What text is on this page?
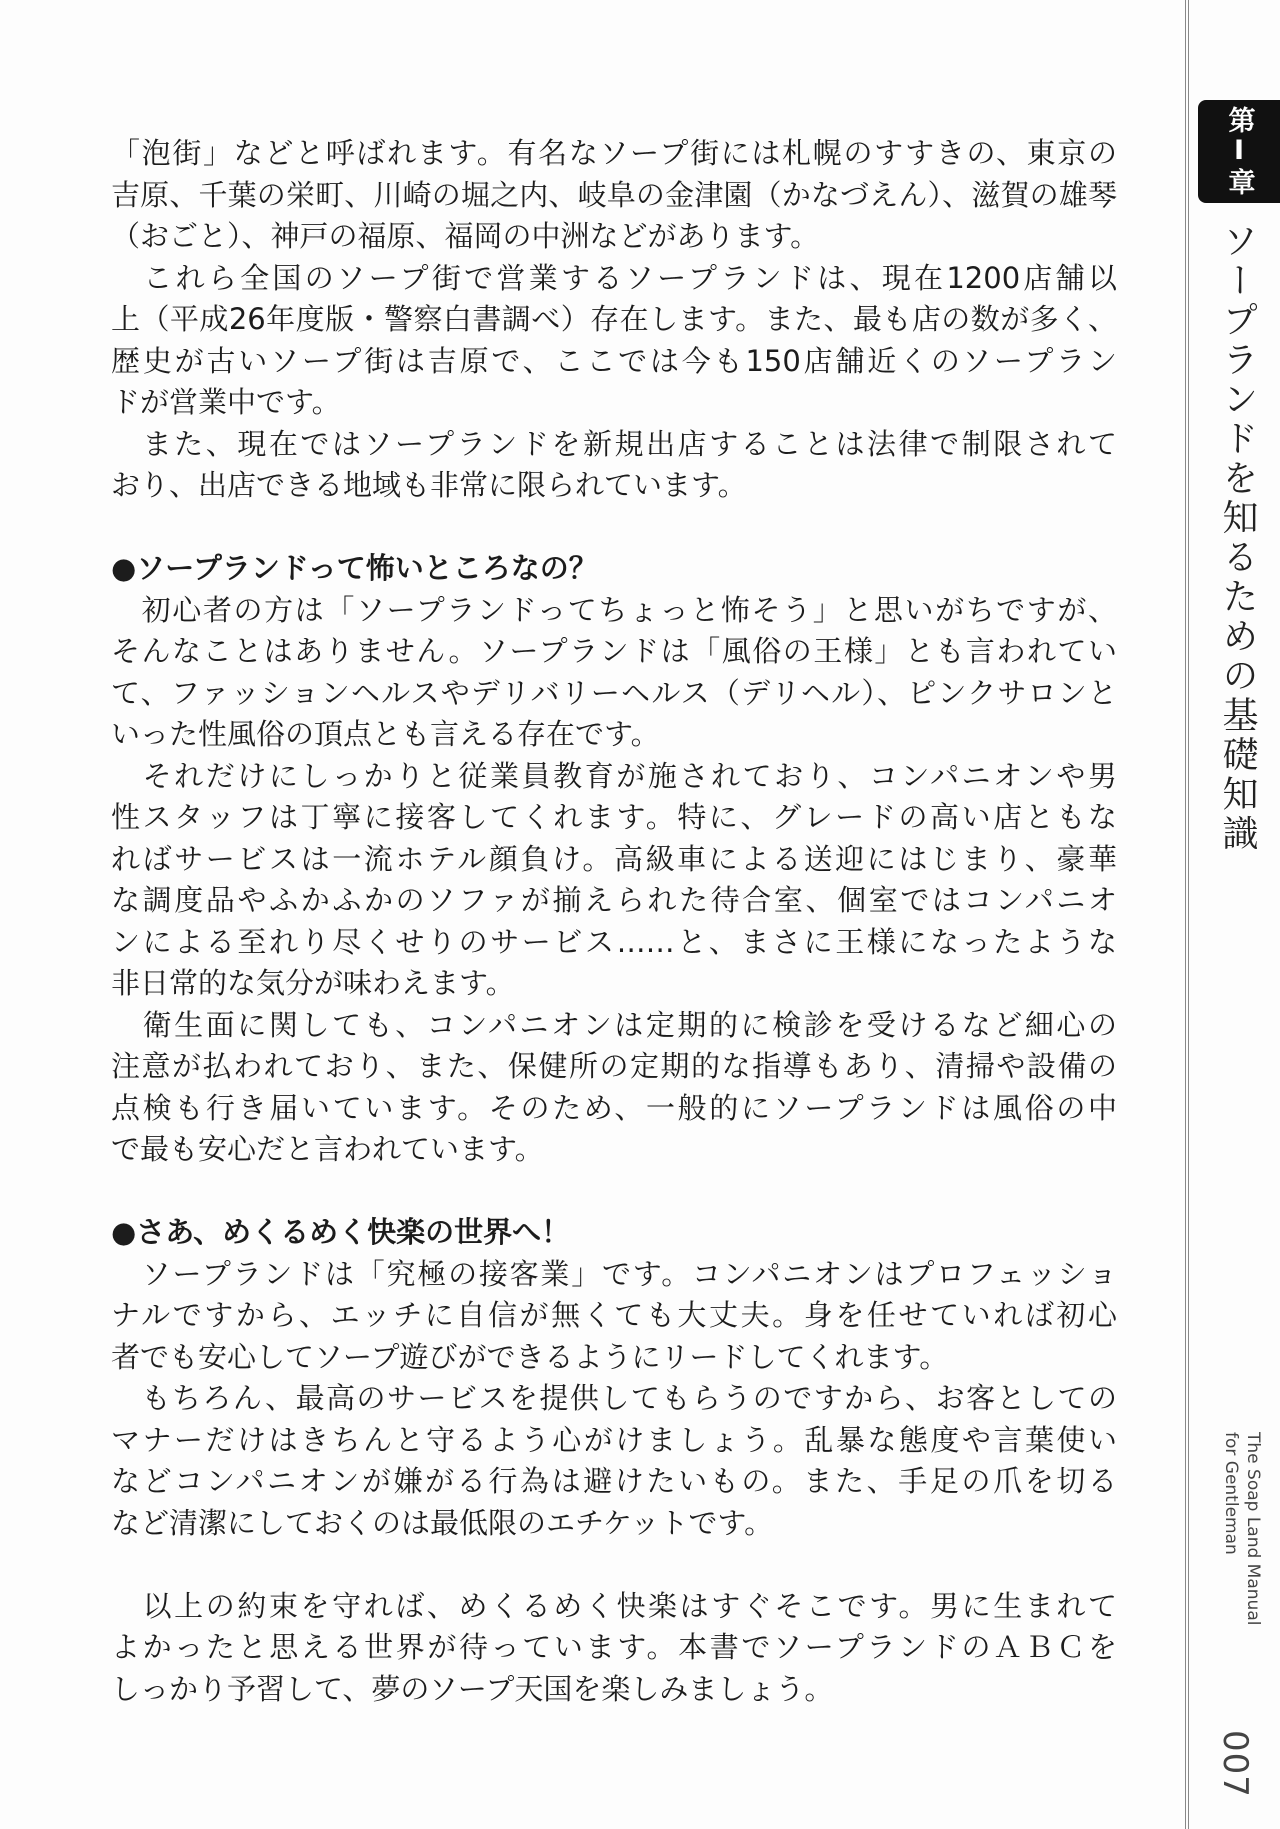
「泡街」などと呼ばれます。有名なソープ街には札幌のすすきの、東京の
吉原、千葉の栄町、川崎の堀之内、岐阜の金津園（かなづえん）、滋賀の雄琴
（おごと）、神戸の福原、福岡の中洲などがあります。
　これら全国のソープ街で営業するソープランドは、現在1200店舗以
上（平成26年度版・警察白書調べ）存在します。また、最も店の数が多く、
歴史が古いソープ街は吉原で、ここでは今も150店舗近くのソープラン
ドが営業中です。
　また、現在ではソープランドを新規出店することは法律で制限されて
おり、出店できる地域も非常に限られています。
●ソープランドって怖いところなの？
　初心者の方は「ソープランドってちょっと怖そう」と思いがちですが、
そんなことはありません。ソープランドは「風俗の王様」とも言われてい
て、ファッションヘルスやデリバリーヘルス（デリヘル）、ピンクサロンと
いった性風俗の頂点とも言える存在です。
　それだけにしっかりと従業員教育が施されており、コンパニオンや男
性スタッフは丁寧に接客してくれます。特に、グレードの高い店ともな
ればサービスは一流ホテル顔負け。高級車による送迎にはじまり、豪華
な調度品やふかふかのソファが揃えられた待合室、個室ではコンパニオ
ンによる至れり尽くせりのサービス……と、まさに王様になったような
非日常的な気分が味わえます。
　衛生面に関しても、コンパニオンは定期的に検診を受けるなど細心の
注意が払われており、また、保健所の定期的な指導もあり、清掃や設備の
点検も行き届いています。そのため、一般的にソープランドは風俗の中
で最も安心だと言われています。
●さあ、めくるめく快楽の世界へ！
　ソープランドは「究極の接客業」です。コンパニオンはプロフェッショ
ナルですから、エッチに自信が無くても大丈夫。身を任せていれば初心
者でも安心してソープ遊びができるようにリードしてくれます。
　もちろん、最高のサービスを提供してもらうのですから、お客としての
マナーだけはきちんと守るよう心がけましょう。乱暴な態度や言葉使い
などコンパニオンが嫌がる行為は避けたいもの。また、手足の爪を切る
など清潔にしておくのは最低限のエチケットです。
　以上の約束を守れば、めくるめく快楽はすぐそこです。男に生まれて
よかったと思える世界が待っています。本書でソープランドのＡＢＣを
しっかり予習して、夢のソープ天国を楽しみましょう。
第Ⅰ章
ソープランドを知るための基礎知識
The Soap Land Manual
for Gentleman
007
